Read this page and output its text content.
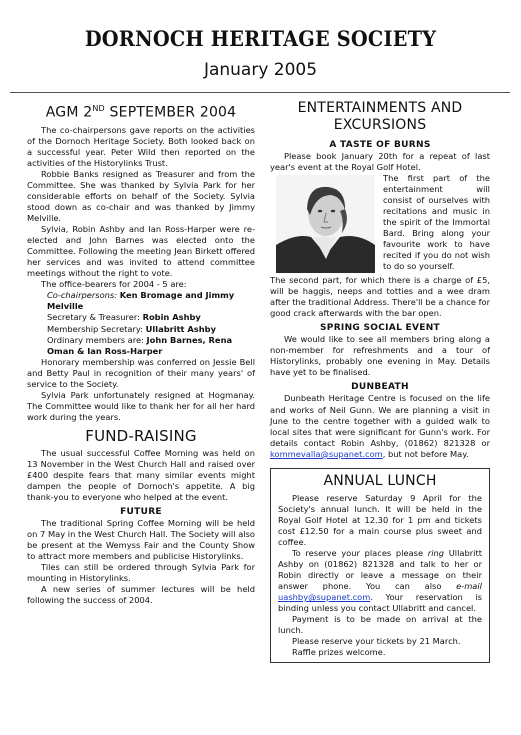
DORNOCH HERITAGE SOCIETY
January 2005
AGM 2ND SEPTEMBER 2004

The co-chairpersons gave reports on the activities of the Dornoch Heritage Society. Both looked back on a successful year. Peter Wild then reported on the activities of the Historylinks Trust.

Robbie Banks resigned as Treasurer and from the Committee. She was thanked by Sylvia Park for her considerable efforts on behalf of the Society. Sylvia stood down as co-chair and was thanked by Jimmy Melville.

Sylvia, Robin Ashby and Ian Ross-Harper were re-elected and John Barnes was elected onto the Committee. Following the meeting Jean Birkett offered her services and was invited to attend committee meetings without the right to vote.

The office-bearers for 2004 - 5 are:

Co-chairpersons: Ken Bromage and Jimmy Melville
Secretary & Treasurer: Robin Ashby
Membership Secretary: Ullabritt Ashby
Ordinary members are: John Barnes, Rena Oman & Ian Ross-Harper

Honorary membership was conferred on Jessie Bell and Betty Paul in recognition of their many years' of service to the Society.

Sylvia Park unfortunately resigned at Hogmanay. The Committee would like to thank her for all her hard work during the years.

FUND-RAISING

The usual successful Coffee Morning was held on 13 November in the West Church Hall and raised over £400 despite fears that many similar events might dampen the people of Dornoch's appetite. A big thank-you to everyone who helped at the event.

FUTURE

The traditional Spring Coffee Morning will be held on 7 May in the West Church Hall. The Society will also be present at the Wemyss Fair and the County Show to attract more members and publicise Historylinks.

Tiles can still be ordered through Sylvia Park for mounting in Historylinks.

A new series of summer lectures will be held following the success of 2004.

ENTERTAINMENTS AND EXCURSIONS
A TASTE OF BURNS

Please book January 20th for a repeat of last year's event at the Royal Golf Hotel.

The first part of the entertainment will consist of ourselves with recitations and music in the spirit of the Immortal Bard. Bring along your favourite work to have recited if you do not wish to do so yourself.

The second part, for which there is a charge of £5, will be haggis, neeps and totties and a wee dram after the traditional Address. There'll be a chance for good crack afterwards with the bar open.

SPRING SOCIAL EVENT

We would like to see all members bring along a non-member for refreshments and a tour of Historylinks, probably one evening in May. Details have yet to be finalised.

DUNBEATH

Dunbeath Heritage Centre is focused on the life and works of Neil Gunn. We are planning a visit in June to the centre together with a guided walk to local sites that were significant for Gunn's work. For details contact Robin Ashby, (01862) 821328 or kommevalla@supanet.com, but not before May.

ANNUAL LUNCH

Please reserve Saturday 9 April for the Society's annual lunch. It will be held in the Royal Golf Hotel at 12.30 for 1 pm and tickets cost £12.50 for a main course plus sweet and coffee.

To reserve your places please ring Ullabritt Ashby on (01862) 821328 and talk to her or Robin directly or leave a message on their answer phone. You can also e-mail uashby@supanet.com. Your reservation is binding unless you contact Ullabritt and cancel.

Payment is to be made on arrival at the lunch.

Please reserve your tickets by 21 March.

Raffle prizes welcome.
